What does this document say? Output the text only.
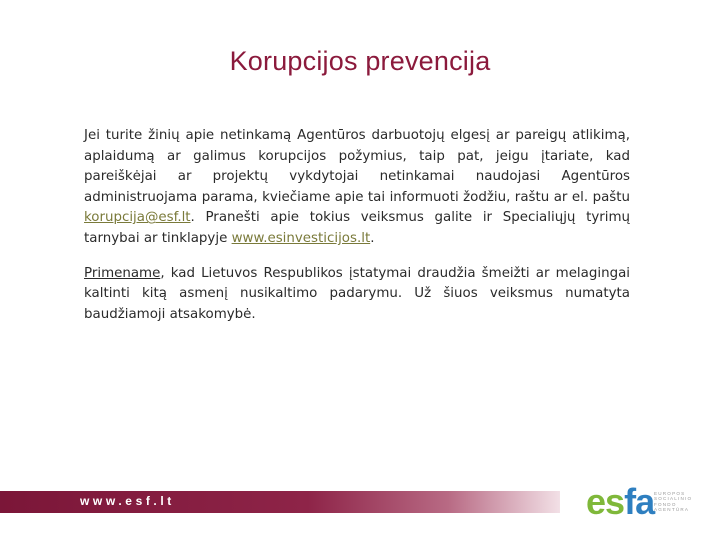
Korupcijos prevencija

Jei turite žinių apie netinkamą Agentūros darbuotojų elgesį ar pareigų atlikimą, aplaidumą ar galimus korupcijos požymius, taip pat, jeigu įtariate, kad pareiškėjai ar projektų vykdytojai netinkamai naudojasi Agentūros administruojama parama, kviečiame apie tai informuoti žodžiu, raštu ar el. paštu korupcija@esf.lt. Pranešti apie tokius veiksmus galite ir Specialiųjų tyrimų tarnybai ar tinklapyje www.esinvesticijos.lt.

Primename, kad Lietuvos Respublikos įstatymai draudžia šmeižti ar melagingai kaltinti kitą asmenį nusikaltimo padarymu. Už šiuos veiksmus numatyta baudžiamoji atsakomybė.

www.esf.lt	esfa EUROPOS
SOCIALINIO
FONDO
AGENTŪRA
